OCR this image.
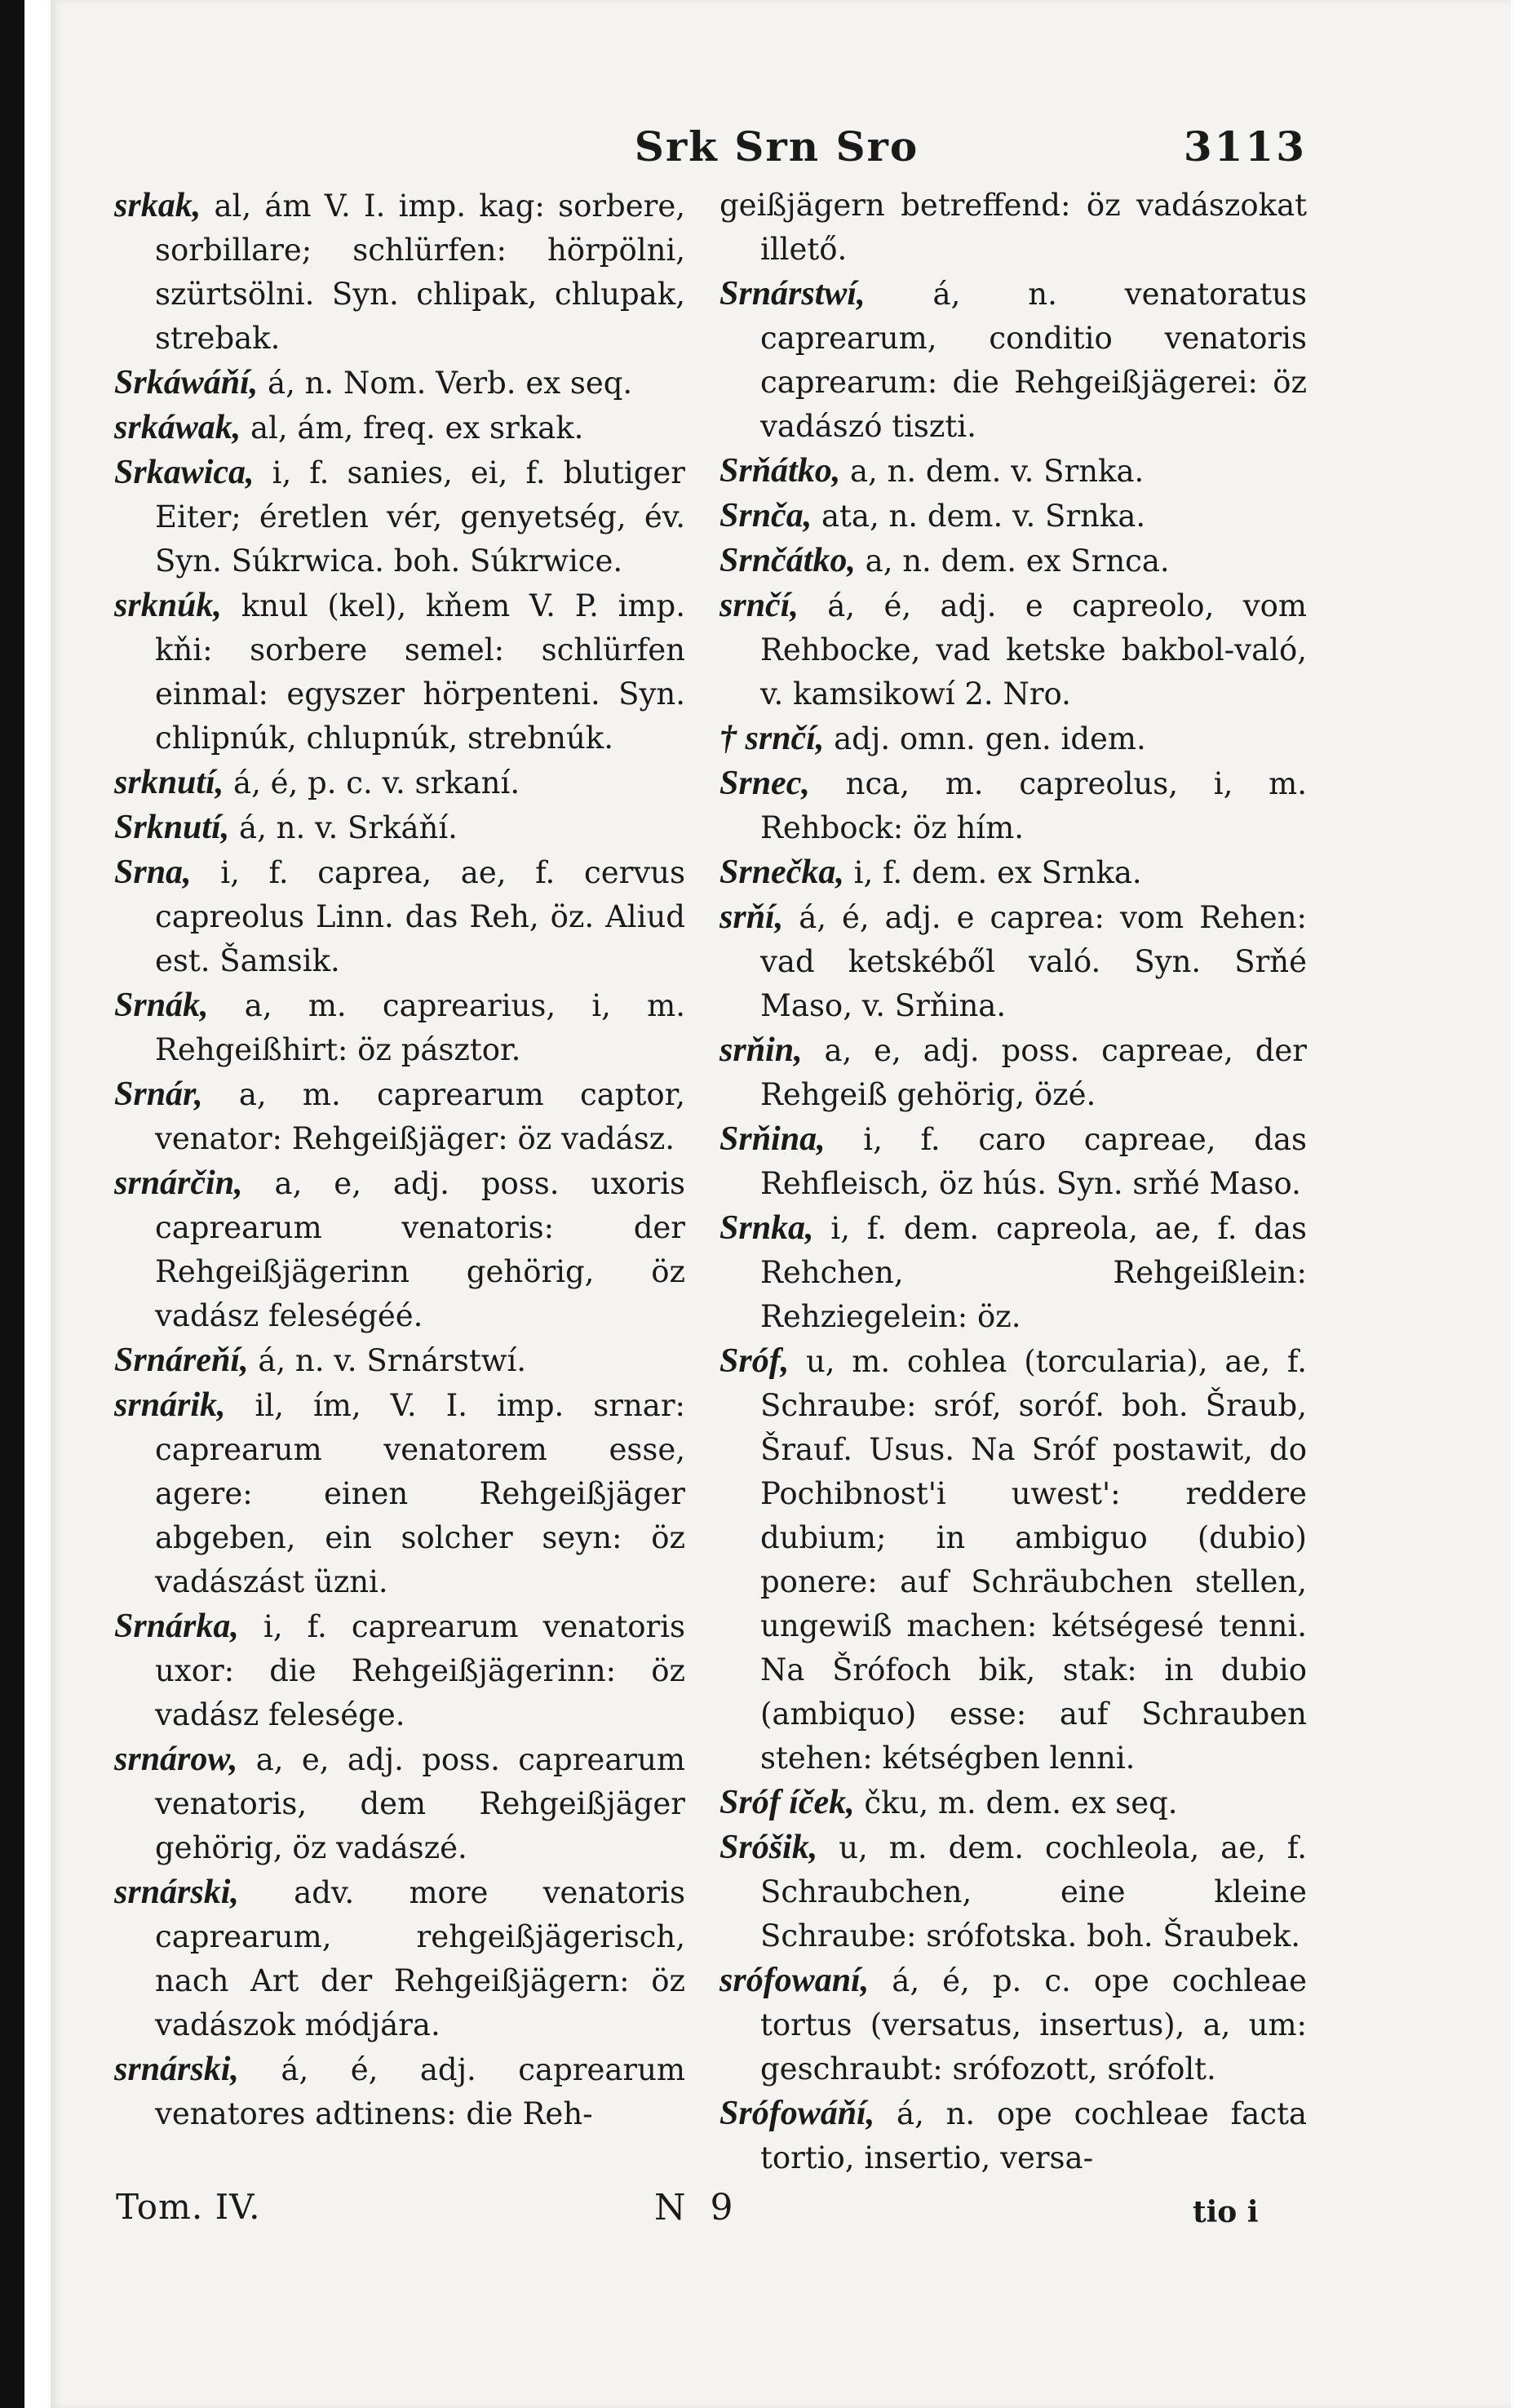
Srk Srn Sro	3113

srkak, al, ám V. I. imp. kag: sorbere, sorbillare; schlürfen: hörpölni, szürtsölni. Syn. chlipak, chlupak, strebak.

Srkáwáňí, á, n. Nom. Verb. ex seq.

srkáwak, al, ám, freq. ex srkak.

Srkawica, i, f. sanies, ei, f. blutiger Eiter; éretlen vér, genyetség, év. Syn. Súkrwica. boh. Súkrwice.

srknúk, knul (kel), kňem V. P. imp. kňi: sorbere semel: schlürfen einmal: egyszer hörpenteni. Syn. chlipnúk, chlupnúk, strebnúk.

srknutí, á, é, p. c. v. srkaní.

Srknutí, á, n. v. Srkáňí.

Srna, i, f. caprea, ae, f. cervus capreolus Linn. das Reh, öz. Aliud est. Šamsik.

Srnák, a, m. caprearius, i, m. Rehgeißhirt: öz pásztor.

Srnár, a, m. caprearum captor, venator: Rehgeißjäger: öz vadász.

srnárčin, a, e, adj. poss. uxoris caprearum venatoris: der Rehgeißjägerinn gehörig, öz vadász feleségéé.

Srnáreňí, á, n. v. Srnárstwí.

srnárik, il, ím, V. I. imp. srnar: caprearum venatorem esse, agere: einen Rehgeißjäger abgeben, ein solcher seyn: öz vadászást üzni.

Srnárka, i, f. caprearum venatoris uxor: die Rehgeißjägerinn: öz vadász felesége.

srnárow, a, e, adj. poss. caprearum venatoris, dem Rehgeißjäger gehörig, öz vadászé.

srnárski, adv. more venatoris caprearum, rehgeißjägerisch, nach Art der Rehgeißjägern: öz vadászok módjára.

srnárski, á, é, adj. caprearum venatores adtinens: die Reh-

geißjägern betreffend: öz vadászokat illető.

Srnárstwí, á, n. venatoratus caprearum, conditio venatoris caprearum: die Rehgeißjägerei: öz vadászó tiszti.

Srňátko, a, n. dem. v. Srnka.

Srnča, ata, n. dem. v. Srnka.

Srnčátko, a, n. dem. ex Srnca.

srnčí, á, é, adj. e capreolo, vom Rehbocke, vad ketske bakbol-való, v. kamsikowí 2. Nro.

† srnčí, adj. omn. gen. idem.

Srnec, nca, m. capreolus, i, m. Rehbock: öz hím.

Srnečka, i, f. dem. ex Srnka.

srňí, á, é, adj. e caprea: vom Rehen: vad ketskéből való. Syn. Srňé Maso, v. Srňina.

srňin, a, e, adj. poss. capreae, der Rehgeiß gehörig, özé.

Srňina, i, f. caro capreae, das Rehfleisch, öz hús. Syn. srňé Maso.

Srnka, i, f. dem. capreola, ae, f. das Rehchen, Rehgeißlein: Rehziegelein: öz.

Sróf, u, m. cohlea (torcularia), ae, f. Schraube: sróf, soróf. boh. Šraub, Šrauf. Usus. Na Sróf postawit, do Pochibnost'i uwest': reddere dubium; in ambiguo (dubio) ponere: auf Schräubchen stellen, ungewiß machen: kétségesé tenni. Na Šrófoch bik, stak: in dubio (ambiquo) esse: auf Schrauben stehen: kétségben lenni.

Sróf íček, čku, m. dem. ex seq.

Sróšik, u, m. dem. cochleola, ae, f. Schraubchen, eine kleine Schraube: srófotska. boh. Šraubek.

srófowaní, á, é, p. c. ope cochleae tortus (versatus, insertus), a, um: geschraubt: srófozott, srófolt.

Srófowáňí, á, n. ope cochleae facta tortio, insertio, versa-

Tom. IV.	N 9	tio i
